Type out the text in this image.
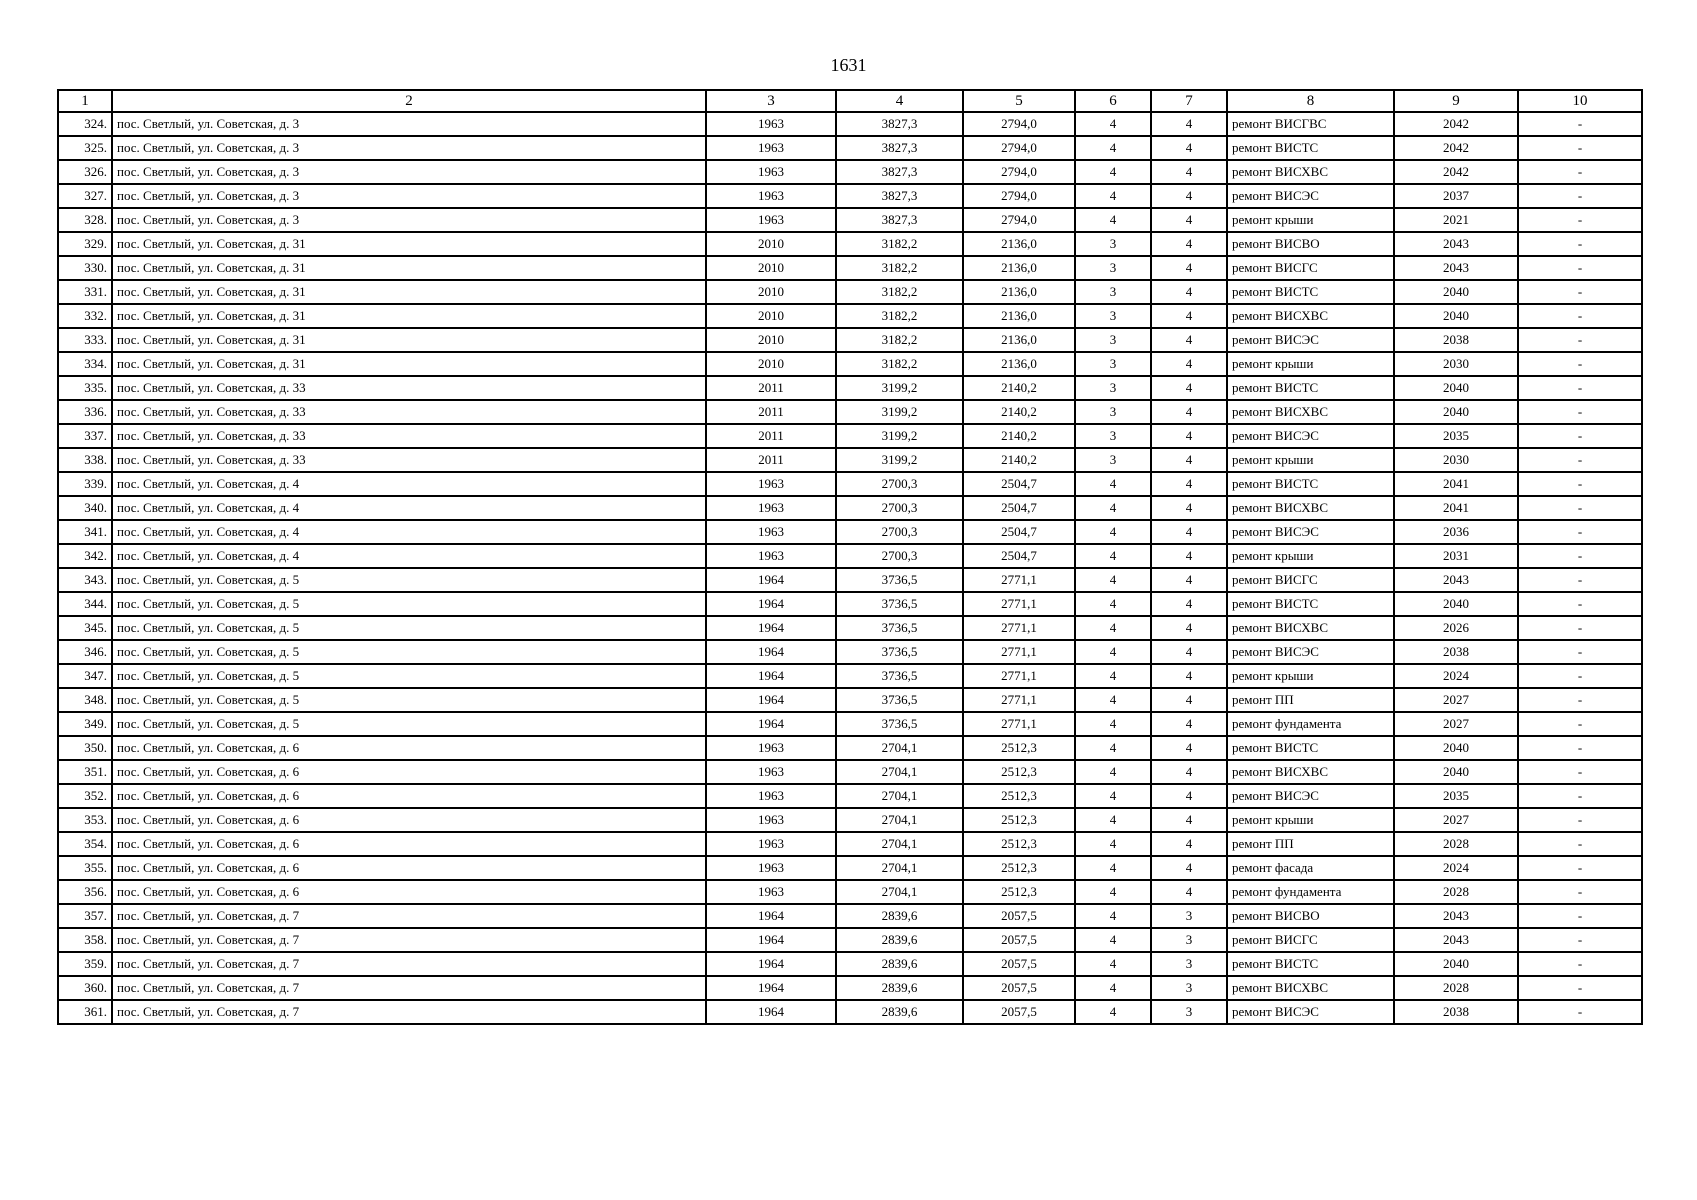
1631
1	2	3	4	5	6	7	8	9	10
324.	пос. Светлый, ул. Советская, д. 3	1963	3827,3	2794,0	4	4	ремонт ВИСГВС	2042	-
325.	пос. Светлый, ул. Советская, д. 3	1963	3827,3	2794,0	4	4	ремонт ВИСТС	2042	-
326.	пос. Светлый, ул. Советская, д. 3	1963	3827,3	2794,0	4	4	ремонт ВИСХВС	2042	-
327.	пос. Светлый, ул. Советская, д. 3	1963	3827,3	2794,0	4	4	ремонт ВИСЭС	2037	-
328.	пос. Светлый, ул. Советская, д. 3	1963	3827,3	2794,0	4	4	ремонт крыши	2021	-
329.	пос. Светлый, ул. Советская, д. 31	2010	3182,2	2136,0	3	4	ремонт ВИСВО	2043	-
330.	пос. Светлый, ул. Советская, д. 31	2010	3182,2	2136,0	3	4	ремонт ВИСГС	2043	-
331.	пос. Светлый, ул. Советская, д. 31	2010	3182,2	2136,0	3	4	ремонт ВИСТС	2040	-
332.	пос. Светлый, ул. Советская, д. 31	2010	3182,2	2136,0	3	4	ремонт ВИСХВС	2040	-
333.	пос. Светлый, ул. Советская, д. 31	2010	3182,2	2136,0	3	4	ремонт ВИСЭС	2038	-
334.	пос. Светлый, ул. Советская, д. 31	2010	3182,2	2136,0	3	4	ремонт крыши	2030	-
335.	пос. Светлый, ул. Советская, д. 33	2011	3199,2	2140,2	3	4	ремонт ВИСТС	2040	-
336.	пос. Светлый, ул. Советская, д. 33	2011	3199,2	2140,2	3	4	ремонт ВИСХВС	2040	-
337.	пос. Светлый, ул. Советская, д. 33	2011	3199,2	2140,2	3	4	ремонт ВИСЭС	2035	-
338.	пос. Светлый, ул. Советская, д. 33	2011	3199,2	2140,2	3	4	ремонт крыши	2030	-
339.	пос. Светлый, ул. Советская, д. 4	1963	2700,3	2504,7	4	4	ремонт ВИСТС	2041	-
340.	пос. Светлый, ул. Советская, д. 4	1963	2700,3	2504,7	4	4	ремонт ВИСХВС	2041	-
341.	пос. Светлый, ул. Советская, д. 4	1963	2700,3	2504,7	4	4	ремонт ВИСЭС	2036	-
342.	пос. Светлый, ул. Советская, д. 4	1963	2700,3	2504,7	4	4	ремонт крыши	2031	-
343.	пос. Светлый, ул. Советская, д. 5	1964	3736,5	2771,1	4	4	ремонт ВИСГС	2043	-
344.	пос. Светлый, ул. Советская, д. 5	1964	3736,5	2771,1	4	4	ремонт ВИСТС	2040	-
345.	пос. Светлый, ул. Советская, д. 5	1964	3736,5	2771,1	4	4	ремонт ВИСХВС	2026	-
346.	пос. Светлый, ул. Советская, д. 5	1964	3736,5	2771,1	4	4	ремонт ВИСЭС	2038	-
347.	пос. Светлый, ул. Советская, д. 5	1964	3736,5	2771,1	4	4	ремонт крыши	2024	-
348.	пос. Светлый, ул. Советская, д. 5	1964	3736,5	2771,1	4	4	ремонт ПП	2027	-
349.	пос. Светлый, ул. Советская, д. 5	1964	3736,5	2771,1	4	4	ремонт фундамента	2027	-
350.	пос. Светлый, ул. Советская, д. 6	1963	2704,1	2512,3	4	4	ремонт ВИСТС	2040	-
351.	пос. Светлый, ул. Советская, д. 6	1963	2704,1	2512,3	4	4	ремонт ВИСХВС	2040	-
352.	пос. Светлый, ул. Советская, д. 6	1963	2704,1	2512,3	4	4	ремонт ВИСЭС	2035	-
353.	пос. Светлый, ул. Советская, д. 6	1963	2704,1	2512,3	4	4	ремонт крыши	2027	-
354.	пос. Светлый, ул. Советская, д. 6	1963	2704,1	2512,3	4	4	ремонт ПП	2028	-
355.	пос. Светлый, ул. Советская, д. 6	1963	2704,1	2512,3	4	4	ремонт фасада	2024	-
356.	пос. Светлый, ул. Советская, д. 6	1963	2704,1	2512,3	4	4	ремонт фундамента	2028	-
357.	пос. Светлый, ул. Советская, д. 7	1964	2839,6	2057,5	4	3	ремонт ВИСВО	2043	-
358.	пос. Светлый, ул. Советская, д. 7	1964	2839,6	2057,5	4	3	ремонт ВИСГС	2043	-
359.	пос. Светлый, ул. Советская, д. 7	1964	2839,6	2057,5	4	3	ремонт ВИСТС	2040	-
360.	пос. Светлый, ул. Советская, д. 7	1964	2839,6	2057,5	4	3	ремонт ВИСХВС	2028	-
361.	пос. Светлый, ул. Советская, д. 7	1964	2839,6	2057,5	4	3	ремонт ВИСЭС	2038	-
